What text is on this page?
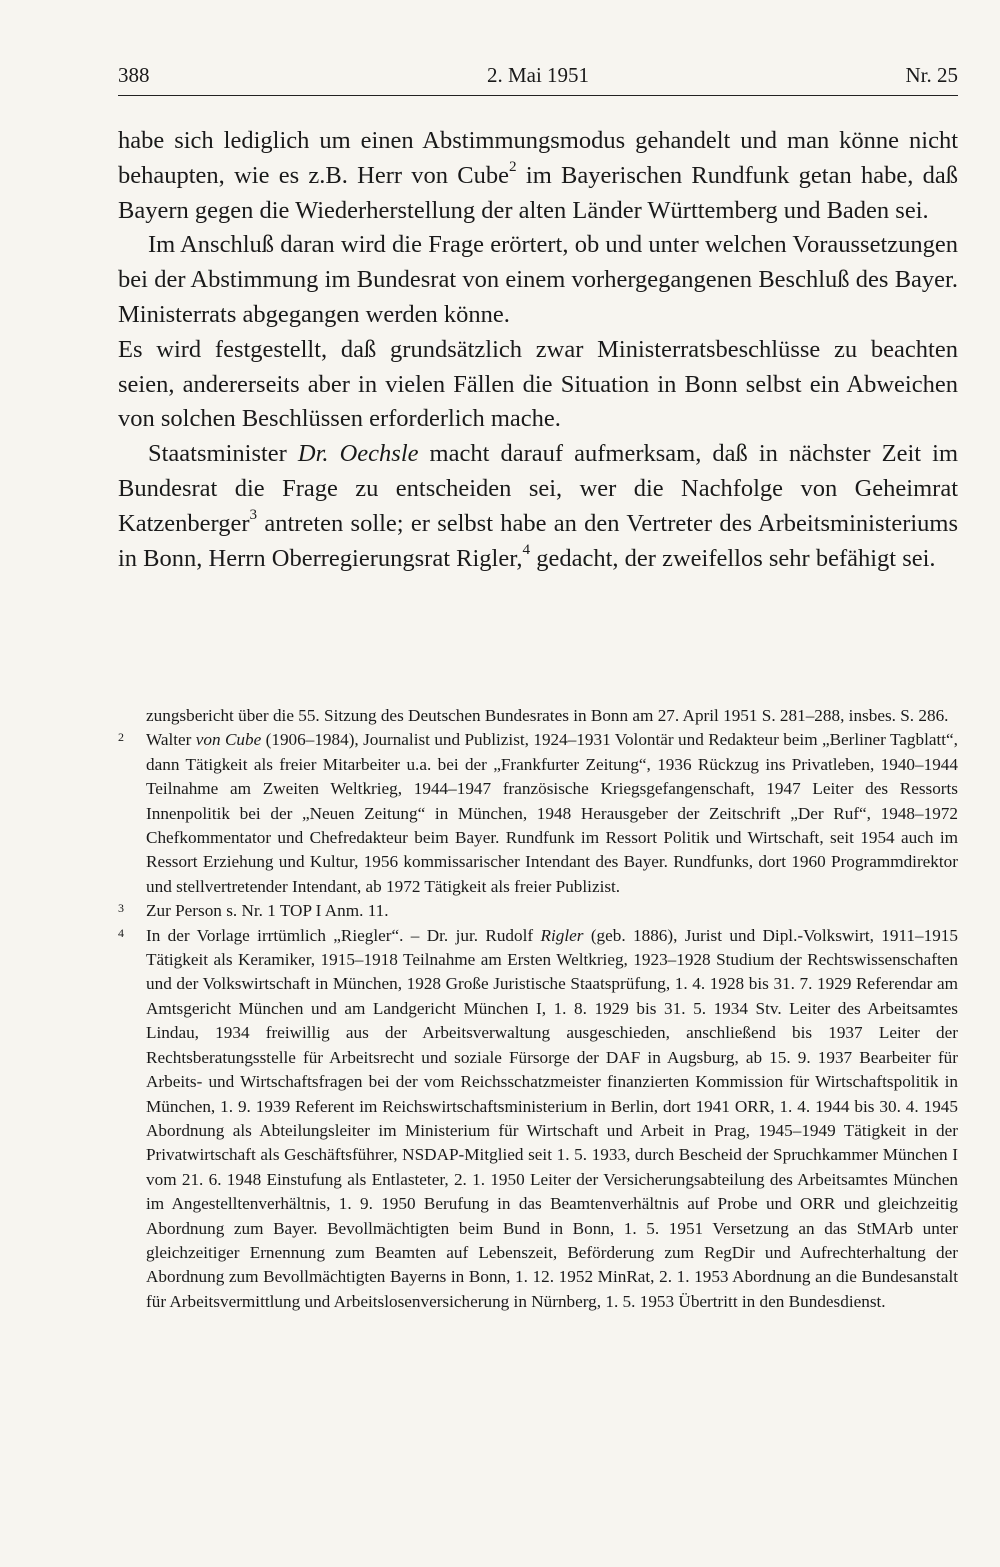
388	2. Mai 1951	Nr. 25

habe sich lediglich um einen Abstimmungsmodus gehandelt und man könne nicht behaupten, wie es z.B. Herr von Cube$^2$ im Bayerischen Rundfunk getan habe, daß Bayern gegen die Wiederherstellung der alten Länder Württemberg und Baden sei.

Im Anschluß daran wird die Frage erörtert, ob und unter welchen Voraussetzungen bei der Abstimmung im Bundesrat von einem vorhergegangenen Beschluß des Bayer. Ministerrats abgegangen werden könne.

Es wird festgestellt, daß grundsätzlich zwar Ministerratsbeschlüsse zu beachten seien, andererseits aber in vielen Fällen die Situation in Bonn selbst ein Abweichen von solchen Beschlüssen erforderlich mache.

Staatsminister Dr. Oechsle macht darauf aufmerksam, daß in nächster Zeit im Bundesrat die Frage zu entscheiden sei, wer die Nachfolge von Geheimrat Katzenberger$^3$ antreten solle; er selbst habe an den Vertreter des Arbeitsministeriums in Bonn, Herrn Oberregierungsrat Rigler,$^4$ gedacht, der zweifellos sehr befähigt sei.

zungsbericht über die 55. Sitzung des Deutschen Bundesrates in Bonn am 27. April 1951 S. 281–288, insbes. S. 286.
2 Walter von Cube (1906–1984), Journalist und Publizist, 1924–1931 Volontär und Redakteur beim „Berliner Tagblatt“, dann Tätigkeit als freier Mitarbeiter u.a. bei der „Frankfurter Zeitung“, 1936 Rückzug ins Privatleben, 1940–1944 Teilnahme am Zweiten Weltkrieg, 1944–1947 französische Kriegsgefangenschaft, 1947 Leiter des Ressorts Innenpolitik bei der „Neuen Zeitung“ in München, 1948 Herausgeber der Zeitschrift „Der Ruf“, 1948–1972 Chefkommentator und Chefredakteur beim Bayer. Rundfunk im Ressort Politik und Wirtschaft, seit 1954 auch im Ressort Erziehung und Kultur, 1956 kommissarischer Intendant des Bayer. Rundfunks, dort 1960 Programmdirektor und stellvertretender Intendant, ab 1972 Tätigkeit als freier Publizist.
3 Zur Person s. Nr. 1 TOP I Anm. 11.
4 In der Vorlage irrtümlich „Riegler“. – Dr. jur. Rudolf Rigler (geb. 1886), Jurist und Dipl.-Volkswirt, 1911–1915 Tätigkeit als Keramiker, 1915–1918 Teilnahme am Ersten Weltkrieg, 1923–1928 Studium der Rechtswissenschaften und der Volkswirtschaft in München, 1928 Große Juristische Staatsprüfung, 1. 4. 1928 bis 31. 7. 1929 Referendar am Amtsgericht München und am Landgericht München I, 1. 8. 1929 bis 31. 5. 1934 Stv. Leiter des Arbeitsamtes Lindau, 1934 freiwillig aus der Arbeitsverwaltung ausgeschieden, anschließend bis 1937 Leiter der Rechtsberatungsstelle für Arbeitsrecht und soziale Fürsorge der DAF in Augsburg, ab 15. 9. 1937 Bearbeiter für Arbeits- und Wirtschaftsfragen bei der vom Reichsschatzmeister finanzierten Kommission für Wirtschaftspolitik in München, 1. 9. 1939 Referent im Reichswirtschaftsministerium in Berlin, dort 1941 ORR, 1. 4. 1944 bis 30. 4. 1945 Abordnung als Abteilungsleiter im Ministerium für Wirtschaft und Arbeit in Prag, 1945–1949 Tätigkeit in der Privatwirtschaft als Geschäftsführer, NSDAP-Mitglied seit 1. 5. 1933, durch Bescheid der Spruchkammer München I vom 21. 6. 1948 Einstufung als Entlasteter, 2. 1. 1950 Leiter der Versicherungsabteilung des Arbeitsamtes München im Angestelltenverhältnis, 1. 9. 1950 Berufung in das Beamtenverhältnis auf Probe und ORR und gleichzeitig Abordnung zum Bayer. Bevollmächtigten beim Bund in Bonn, 1. 5. 1951 Versetzung an das StMArb unter gleichzeitiger Ernennung zum Beamten auf Lebenszeit, Beförderung zum RegDir und Aufrechterhaltung der Abordnung zum Bevollmächtigten Bayerns in Bonn, 1. 12. 1952 MinRat, 2. 1. 1953 Abordnung an die Bundesanstalt für Arbeitsvermittlung und Arbeitslosenversicherung in Nürnberg, 1. 5. 1953 Übertritt in den Bundesdienst.
